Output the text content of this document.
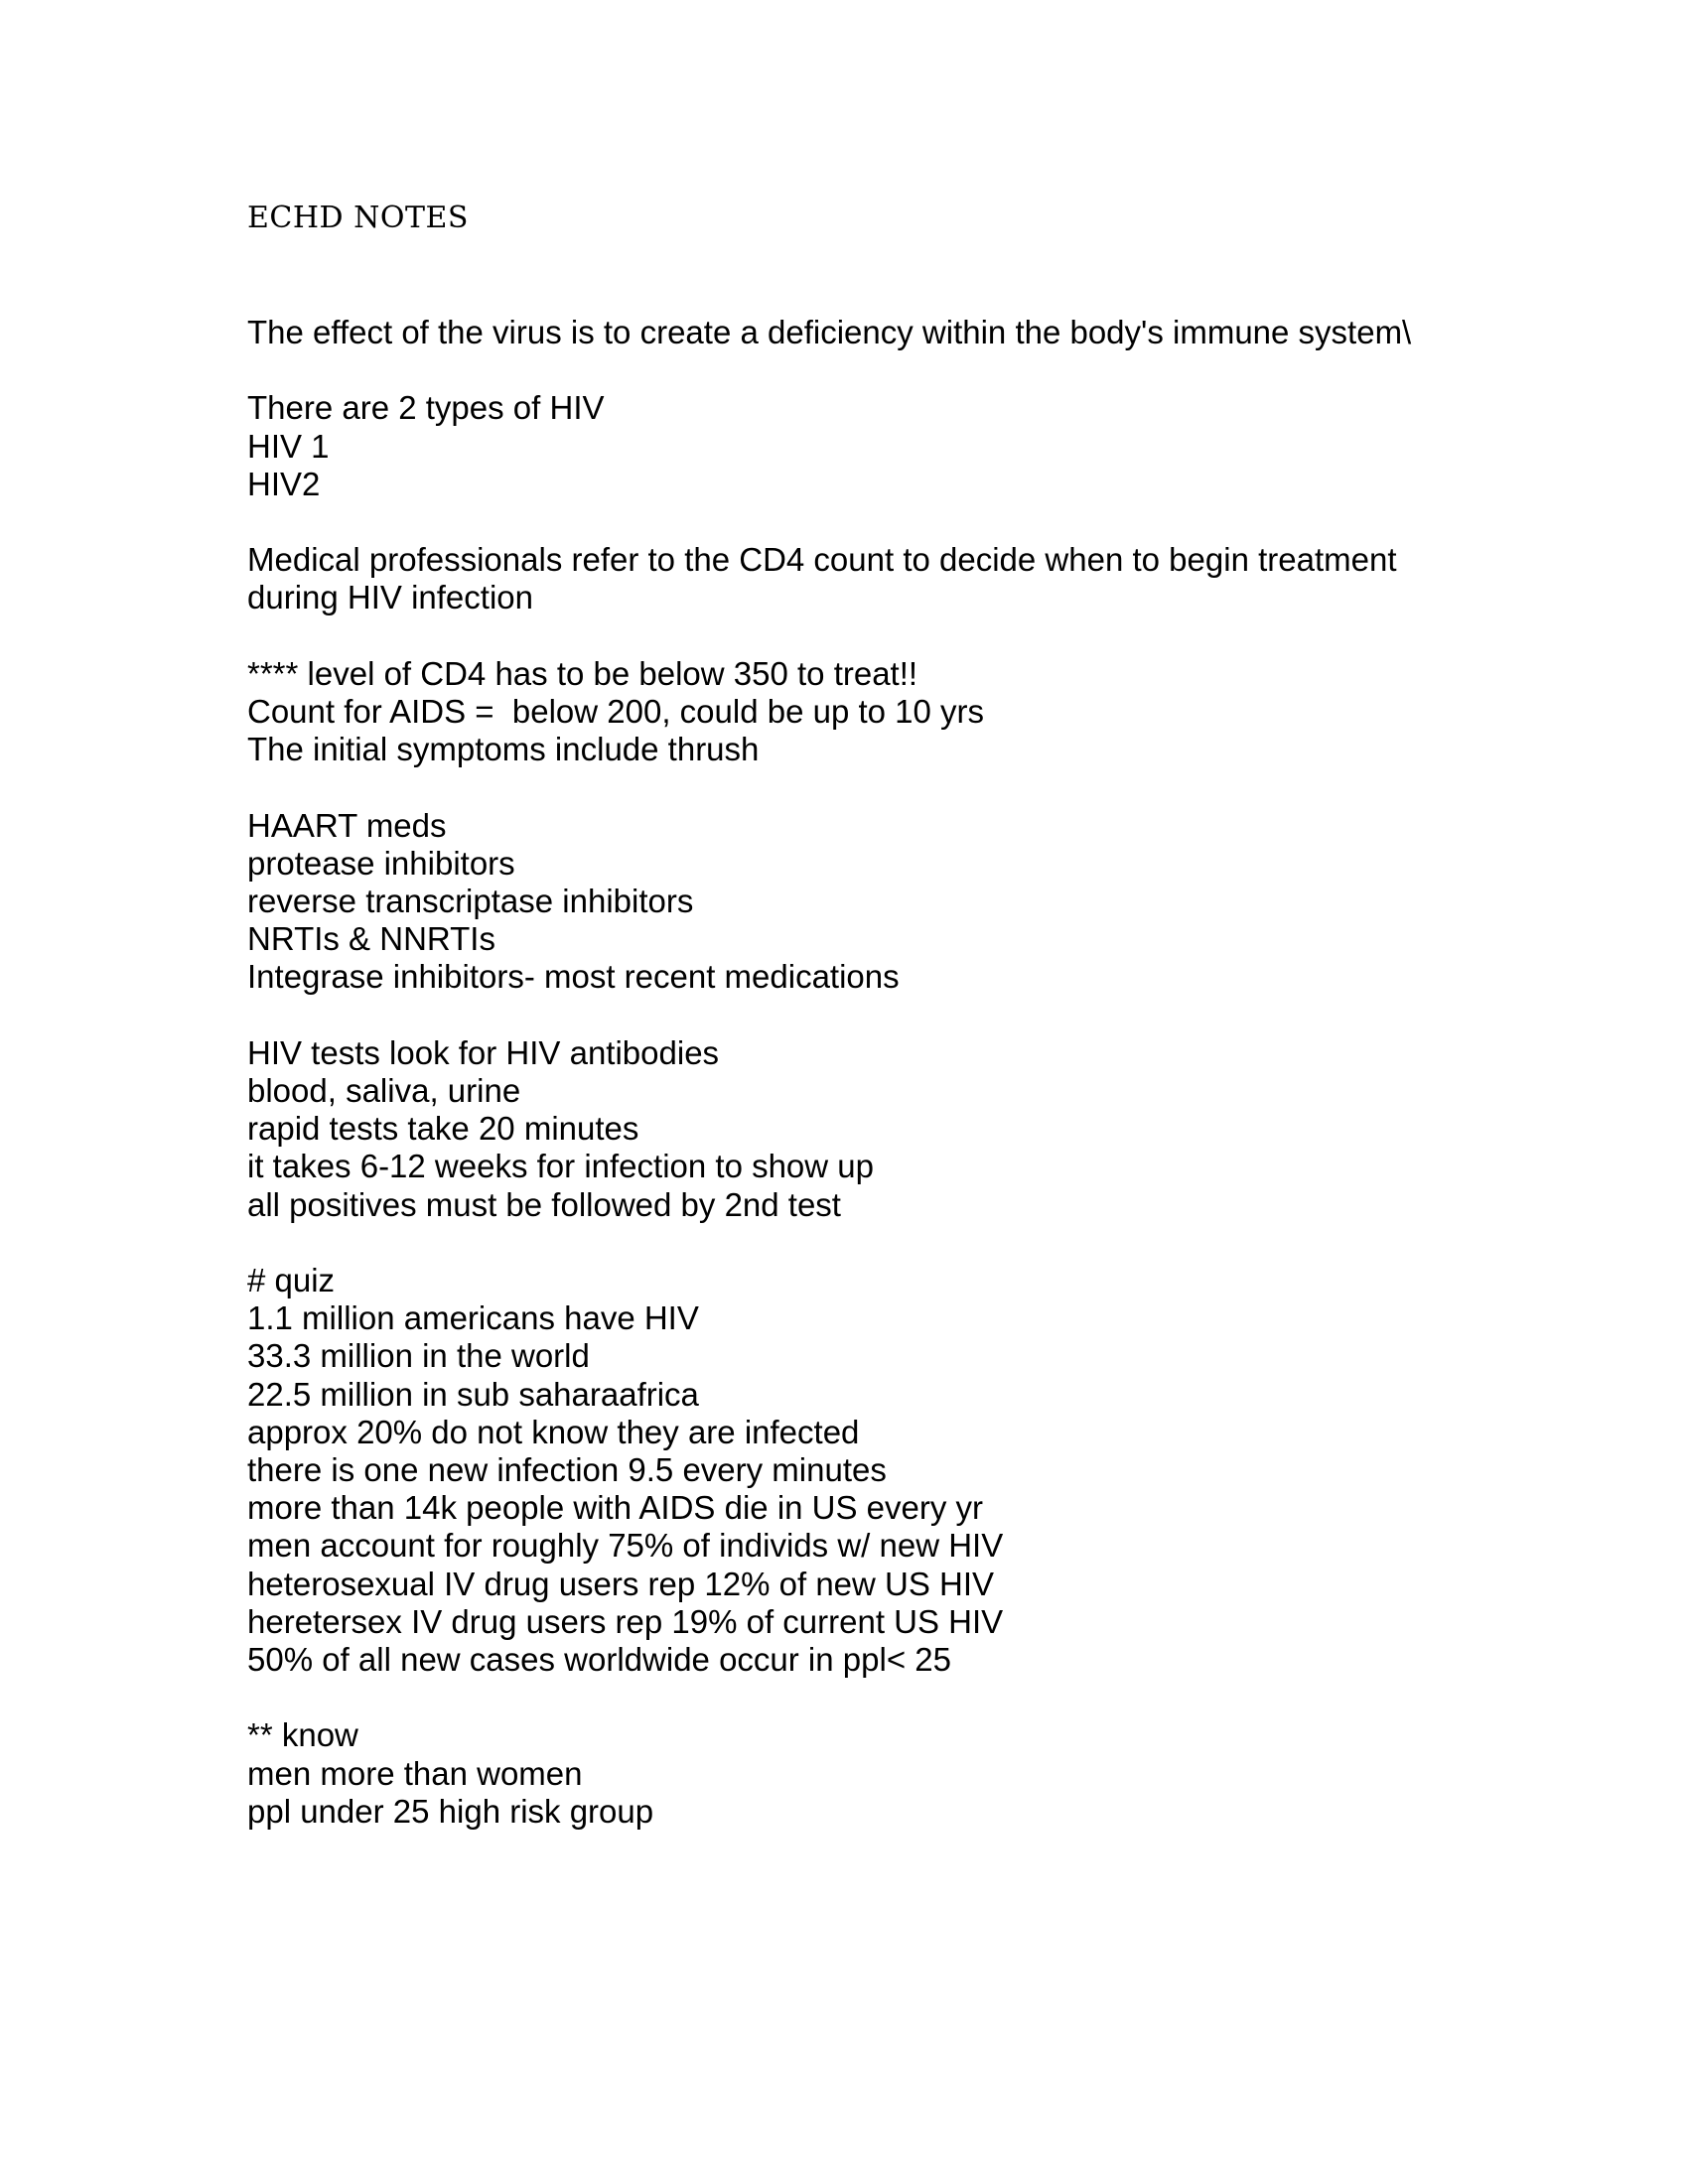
ECHD NOTES
The effect of the virus is to create a deficiency within the body's immune system\
There are 2 types of HIV
HIV 1
HIV2
Medical professionals refer to the CD4 count to decide when to begin treatment
during HIV infection
**** level of CD4 has to be below 350 to treat!!
Count for AIDS =  below 200, could be up to 10 yrs
The initial symptoms include thrush
HAART meds
protease inhibitors
reverse transcriptase inhibitors
NRTIs & NNRTIs
Integrase inhibitors- most recent medications
HIV tests look for HIV antibodies
blood, saliva, urine
rapid tests take 20 minutes
it takes 6-12 weeks for infection to show up
all positives must be followed by 2nd test
# quiz
1.1 million americans have HIV
33.3 million in the world
22.5 million in sub saharaafrica
approx 20% do not know they are infected
there is one new infection 9.5 every minutes
more than 14k people with AIDS die in US every yr
men account for roughly 75% of individs w/ new HIV
heterosexual IV drug users rep 12% of new US HIV
heretersex IV drug users rep 19% of current US HIV
50% of all new cases worldwide occur in ppl< 25
** know
men more than women
ppl under 25 high risk group
